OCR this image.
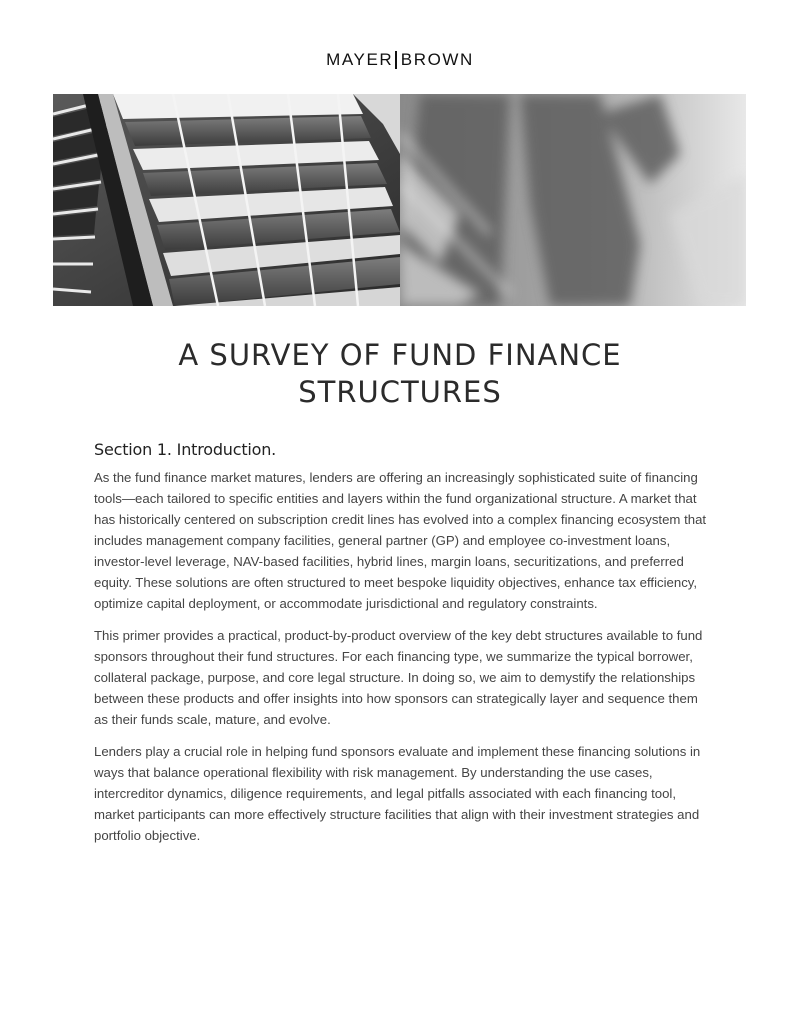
MAYER BROWN
A SURVEY OF FUND FINANCE
STRUCTURES
Section 1. Introduction.

As the fund finance market matures, lenders are offering an increasingly sophisticated suite of financing tools—each tailored to specific entities and layers within the fund organizational structure. A market that has historically centered on subscription credit lines has evolved into a complex financing ecosystem that includes management company facilities, general partner (GP) and employee co-investment loans, investor-level leverage, NAV-based facilities, hybrid lines, margin loans, securitizations, and preferred equity. These solutions are often structured to meet bespoke liquidity objectives, enhance tax efficiency, optimize capital deployment, or accommodate jurisdictional and regulatory constraints.

This primer provides a practical, product-by-product overview of the key debt structures available to fund sponsors throughout their fund structures. For each financing type, we summarize the typical borrower, collateral package, purpose, and core legal structure. In doing so, we aim to demystify the relationships between these products and offer insights into how sponsors can strategically layer and sequence them as their funds scale, mature, and evolve.

Lenders play a crucial role in helping fund sponsors evaluate and implement these financing solutions in ways that balance operational flexibility with risk management. By understanding the use cases, intercreditor dynamics, diligence requirements, and legal pitfalls associated with each financing tool, market participants can more effectively structure facilities that align with their investment strategies and portfolio objective.
